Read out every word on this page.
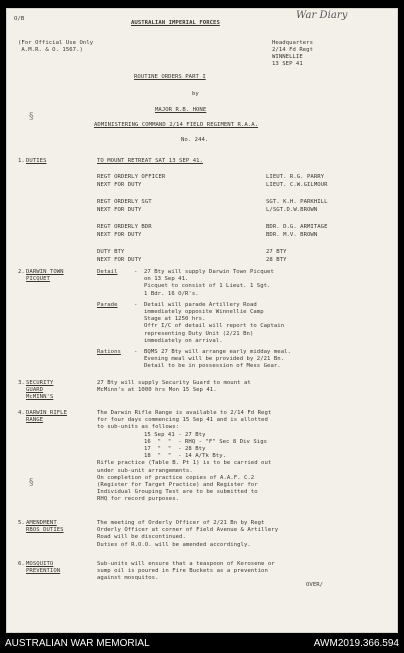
O/B
AUSTRALIAN IMPERIAL FORCES
War Diary
(For Official Use Only
A.M.R. & O. 1567.)
Headquarters
2/14 Fd Regt
WINNELLIE
13 SEP 41
ROUTINE ORDERS PART I
by
MAJOR R.B. HONE
ADMINISTERING COMMAND 2/14 FIELD REGIMENT R.A.A.
No. 244.
1. DUTIES	TO MOUNT RETREAT SAT 13 SEP 41.
REGT ORDERLY OFFICER	LIEUT. R.G. PARRY
NEXT FOR DUTY	LIEUT. C.W.GILMOUR
REGT ORDERLY SGT	SGT. K.H. PARKHILL
NEXT FOR DUTY	L/SGT.D.W.BROWN
REGT ORDERLY BDR	BDR. D.G. ARMITAGE
NEXT FOR DUTY	BDR. M.V. BROWN
DUTY BTY	27 BTY
NEXT FOR DUTY	28 BTY
2. DARWIN TOWN
PICQUET
Detail	- 27 Bty will supply Darwin Town Picquet
on 13 Sep 41.
Picquet to consist of 1 Lieut. 1 Sgt.
1 Bdr. 16 O/R's.
Parade	- Detail will parade Artillery Road
immediately opposite Winnellie Camp
Stage at 1250 hrs.
Offr I/C of detail will report to Captain
representing Duty Unit (2/21 Bn)
immediately on arrival.
Rations - BQMS 27 Bty will arrange early midday meal.
Evening meal will be provided by 2/21 Bn.
Detail to be in possession of Mess Gear.
3. SECURITY
GUARD
McMINN'S
27 Bty will supply Security Guard to mount at
McMinn's at 1000 hrs Mon 15 Sep 41.
4. DARWIN RIFLE
RANGE
The Darwin Rifle Range is available to 2/14 Fd Regt
for four days commencing 15 Sep 41 and is allotted
to sub-units as follows:
15 Sep 41 - 27 Bty
16  "  "  - RHQ - "F" Sec 8 Div Sigs
17  "  "  - 28 Bty
18  "  "  - 14 A/Tk Bty.
Rifle practice (Table B. Pt 1) is to be carried out
under sub-unit arrangements.
On completion of practice copies of A.A.F. C.2
(Register for Target Practice) and Register for
Individual Grouping Test are to be submitted to
RHQ for record purposes.
5. AMENDMENT
RBOS DUTIES
The meeting of Orderly Officer of 2/21 Bn by Regt
Orderly Officer at corner of Field Avenue & Artillery
Road will be discontinued.
Duties of R.O.O. will be amended accordingly.
6. MOSQUITO
PREVENTION
Sub-units will ensure that a teaspoon of Kerosene or
sump oil is poured in Fire Buckets as a prevention
against mosquitos.
OVER/
§
§
AUSTRALIAN WAR MEMORIAL	AWM2019.366.594
